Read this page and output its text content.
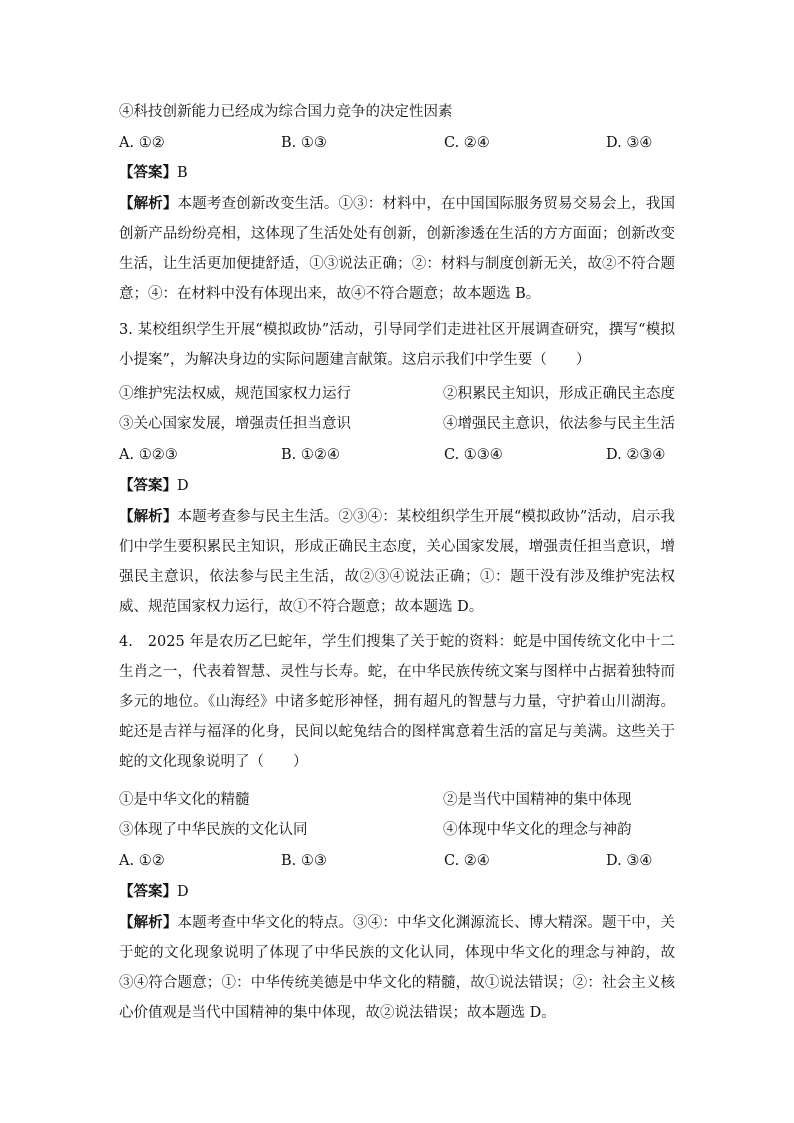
④科技创新能力已经成为综合国力竞争的决定性因素
A. ①②	B. ①③	C. ②④	D. ③④
【答案】B
【解析】本题考查创新改变生活。①③：材料中，在中国国际服务贸易交易会上，我国创新产品纷纷亮相，这体现了生活处处有创新，创新渗透在生活的方方面面；创新改变生活，让生活更加便捷舒适，①③说法正确；②：材料与制度创新无关，故②不符合题意；④：在材料中没有体现出来，故④不符合题意；故本题选 B。
3. 某校组织学生开展“模拟政协”活动，引导同学们走进社区开展调查研究，撰写“模拟小提案”，为解决身边的实际问题建言献策。这启示我们中学生要（　　）
①维护宪法权威，规范国家权力运行	②积累民主知识，形成正确民主态度
③关心国家发展，增强责任担当意识	④增强民主意识，依法参与民主生活
A. ①②③	B. ①②④	C. ①③④	D. ②③④
【答案】D
【解析】本题考查参与民主生活。②③④：某校组织学生开展“模拟政协”活动，启示我们中学生要积累民主知识，形成正确民主态度，关心国家发展，增强责任担当意识，增强民主意识，依法参与民主生活，故②③④说法正确；①：题干没有涉及维护宪法权威、规范国家权力运行，故①不符合题意；故本题选 D。
4.　2025 年是农历乙巳蛇年，学生们搜集了关于蛇的资料：蛇是中国传统文化中十二生肖之一，代表着智慧、灵性与长寿。蛇，在中华民族传统文案与图样中占据着独特而多元的地位。《山海经》中诸多蛇形神怪，拥有超凡的智慧与力量，守护着山川湖海。蛇还是吉祥与福泽的化身，民间以蛇兔结合的图样寓意着生活的富足与美满。这些关于蛇的文化现象说明了（　　）
①是中华文化的精髓	②是当代中国精神的集中体现
③体现了中华民族的文化认同	④体现中华文化的理念与神韵
A. ①②	B. ①③	C. ②④	D. ③④
【答案】D
【解析】本题考查中华文化的特点。③④：中华文化渊源流长、博大精深。题干中，关于蛇的文化现象说明了体现了中华民族的文化认同，体现中华文化的理念与神韵，故③④符合题意；①：中华传统美德是中华文化的精髓，故①说法错误；②：社会主义核心价值观是当代中国精神的集中体现，故②说法错误；故本题选 D。
